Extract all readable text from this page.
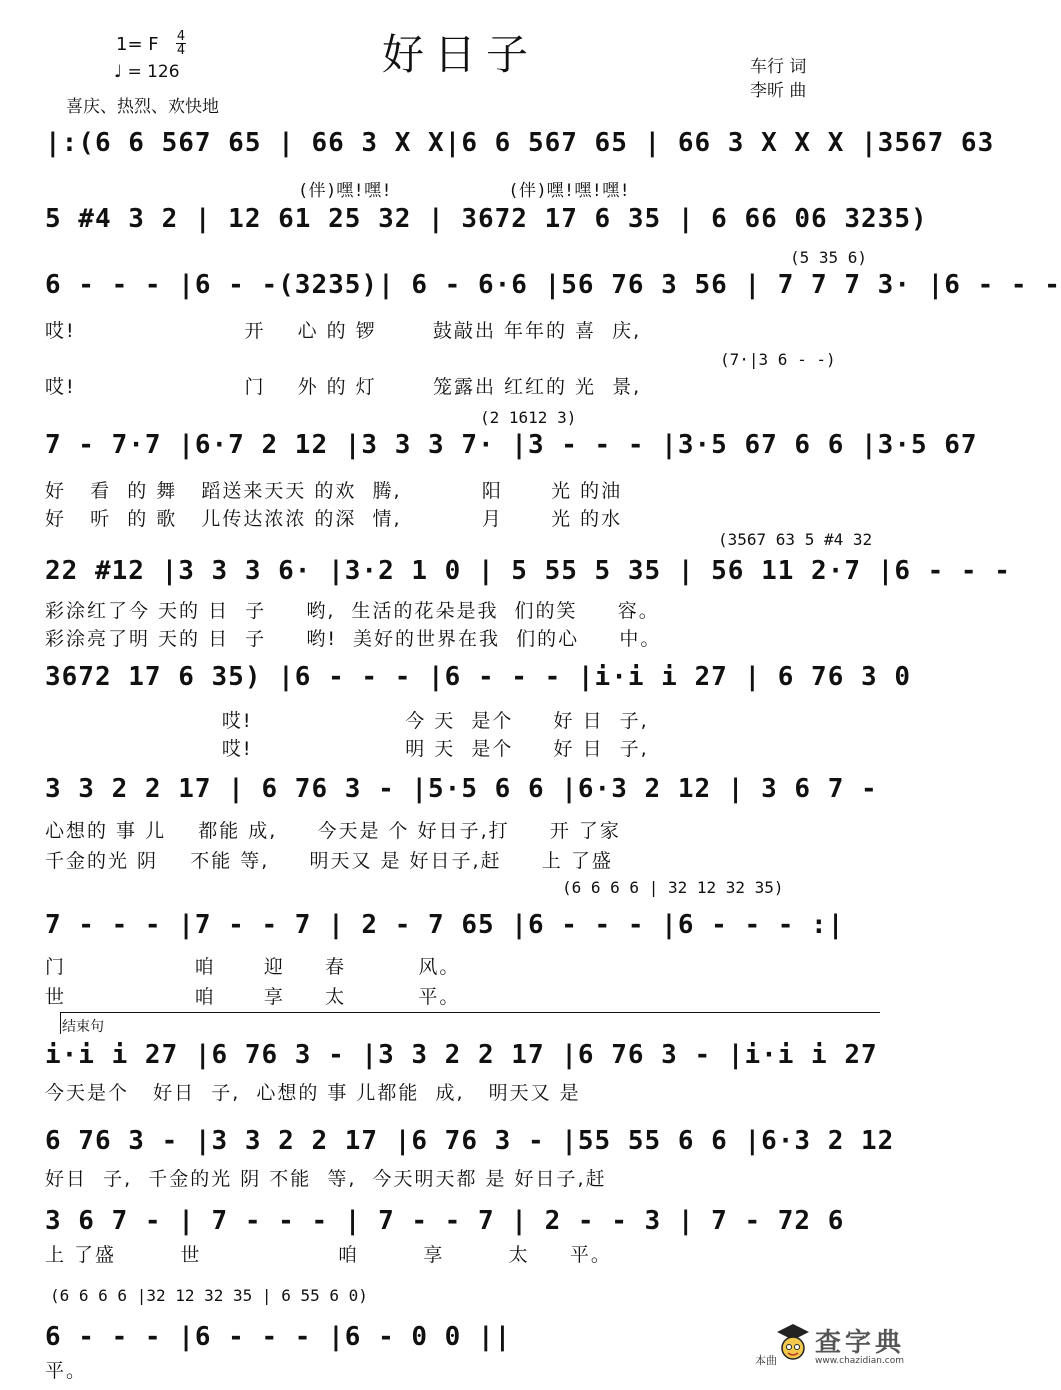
1= F 4
4
♩ = 126	好日子	车行 词
李昕 曲
喜庆、热烈、欢快地
|:(6 6 567 65 | 66 3 X X|6 6 567 65 | 66 3 X X X |3567 63
(伴)嘿!嘿!                (伴)嘿!嘿!嘿!
5 #4 3 2 | 12 61 25 32 | 3672 17 6 35 | 6 66 06 3235)
(5 35 6)
6 - - - |6 - -(3235)| 6 - 6·6 |56 76 3 56 | 7 7 7 3· |6 - - -
哎!                     开    心 的 锣       鼓敲出 年年的 喜  庆,
(7·|3 6 - -)
哎!                     门    外 的 灯       笼露出 红红的 光  景,
(2 1612 3)
7 - 7·7 |6·7 2 12 |3 3 3 7· |3 - - - |3·5 67 6 6 |3·5 67
好   看  的 舞   蹈送来天天 的欢  腾,          阳      光 的油
好   听  的 歌   儿传达浓浓 的深  情,          月      光 的水
(3567 63 5 #4 32
22 #12 |3 3 3 6· |3·2 1 0 | 5 55 5 35 | 56 11 2·7 |6 - - -
彩涂红了今 天的 日  子     哟,  生活的花朵是我  们的笑     容。
彩涂亮了明 天的 日  子     哟!  美好的世界在我  们的心     中。
3672 17 6 35) |6 - - - |6 - - - |i·i i 27 | 6 76 3 0
哎!                   今 天  是个     好 日  子,
哎!                   明 天  是个     好 日  子,
3 3 2 2 17 | 6 76 3 - |5·5 6 6 |6·3 2 12 | 3 6 7 -
心想的 事 儿    都能 成,     今天是 个 好日子,打     开 了家
千金的光 阴    不能 等,     明天又 是 好日子,赶     上 了盛
(6 6 6 6 | 32 12 32 35)
7 - - - |7 - - 7 | 2 - 7 65 |6 - - - |6 - - - :|
门                咱      迎     春         风。
世                咱      享     太         平。
结束句
i·i i 27 |6 76 3 - |3 3 2 2 17 |6 76 3 - |i·i i 27
今天是个   好日  子,  心想的 事 儿都能  成,   明天又 是
6 76 3 - |3 3 2 2 17 |6 76 3 - |55 55 6 6 |6·3 2 12
好日  子,  千金的光 阴 不能  等,  今天明天都 是 好日子,赶
3 6 7 - | 7 - - - | 7 - - 7 | 2 - - 3 | 7 - 72 6
上 了盛        世                 咱        享        太     平。
(6 6 6 6 |32 12 32 35 | 6 55 6 0)
6 - - - |6 - - - |6 - 0 0 ||
平。
查字典
www.chazidian.com
本曲
